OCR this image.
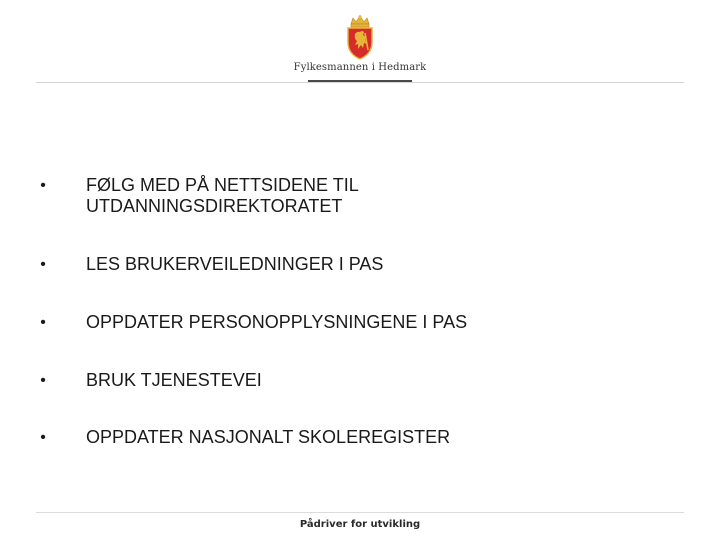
Fylkesmannen i Hedmark
•	FØLG MED PÅ NETTSIDENE TIL
UTDANNINGSDIREKTORATET
•	LES BRUKERVEILEDNINGER I PAS
•	OPPDATER PERSONOPPLYSNINGENE I PAS
•	BRUK TJENESTEVEI
•	OPPDATER NASJONALT SKOLEREGISTER
Pådriver for utvikling
